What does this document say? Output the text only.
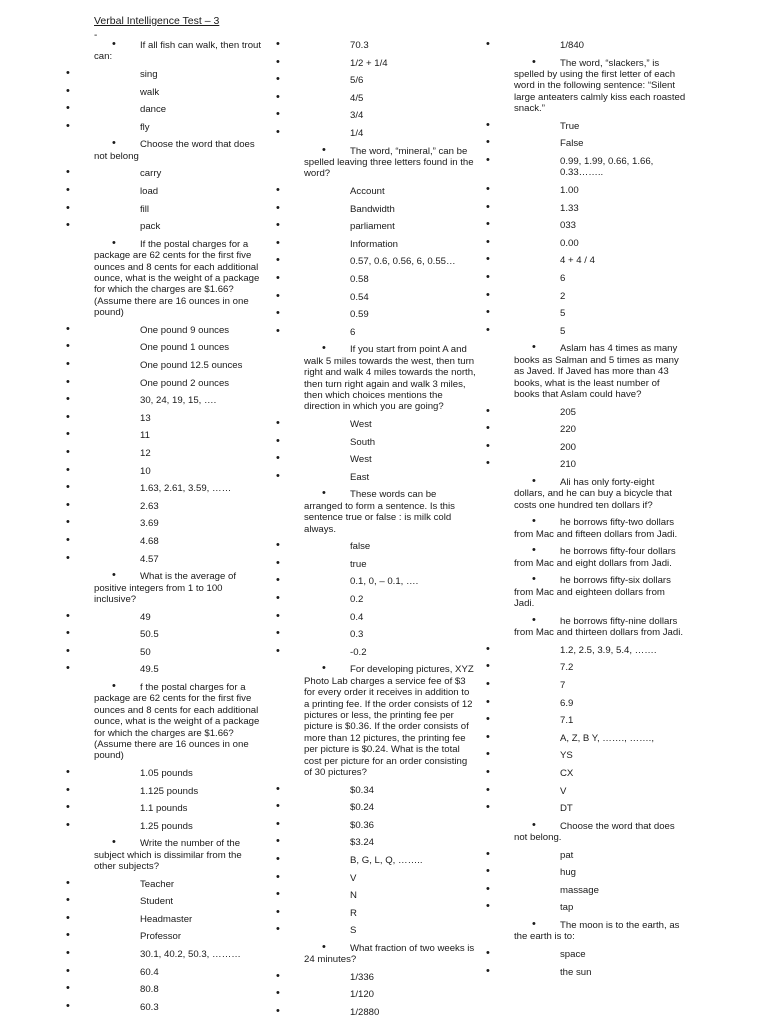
Verbal Intelligence Test – 3
-
• If all fish can walk, then trout can:
• sing
• walk
• dance
• fly
• Choose the word that does not belong
• carry
• load
• fill
• pack
• If the postal charges for a package are 62 cents for the first five ounces and 8 cents for each additional ounce, what is the weight of a package for which the charges are $1.66? (Assume there are 16 ounces in one pound)
• One pound 9 ounces
• One pound 1 ounces
• One pound 12.5 ounces
• One pound 2 ounces
• 30, 24, 19, 15, ….
• 13
• 11
• 12
• 10
• 1.63, 2.61, 3.59, ……
• 2.63
• 3.69
• 4.68
• 4.57
• What is the average of positive integers from 1 to 100 inclusive?
• 49
• 50.5
• 50
• 49.5
• f the postal charges for a package are 62 cents for the first five ounces and 8 cents for each additional ounce, what is the weight of a package for which the charges are $1.66? (Assume there are 16 ounces in one pound)
• 1.05 pounds
• 1.125 pounds
• 1.1 pounds
• 1.25 pounds
• Write the number of the subject which is dissimilar from the other subjects?
• Teacher
• Student
• Headmaster
• Professor
• 30.1, 40.2, 50.3, ………
• 60.4
• 80.8
• 60.3
• 70.3
• 1/2 + 1/4
• 5/6
• 4/5
• 3/4
• 1/4
• The word, “mineral,” can be spelled leaving three letters found in the word?
• Account
• Bandwidth
• parliament
• Information
• 0.57, 0.6, 0.56, 6, 0.55…
• 0.58
• 0.54
• 0.59
• 6
• If you start from point A and walk 5 miles towards the west, then turn right and walk 4 miles towards the north, then turn right again and walk 3 miles, then which choices mentions the direction in which you are going?
• West
• South
• West
• East
• These words can be arranged to form a sentence. Is this sentence true or false : is milk cold always.
• false
• true
• 0.1, 0, – 0.1, ….
• 0.2
• 0.4
• 0.3
• -0.2
• For developing pictures, XYZ Photo Lab charges a service fee of $3 for every order it receives in addition to a printing fee. If the order consists of 12 pictures or less, the printing fee per picture is $0.36. If the order consists of more than 12 pictures, the printing fee per picture is $0.24. What is the total cost per picture for an order consisting of 30 pictures?
• $0.34
• $0.24
• $0.36
• $3.24
• B, G, L, Q, ……..
• V
• N
• R
• S
• What fraction of two weeks is 24 minutes?
• 1/336
• 1/120
• 1/2880
• 1/840
• The word, “slackers,” is spelled by using the first letter of each word in the following sentence: “Silent large anteaters calmly kiss each roasted snack.”
• True
• False
• 0.99, 1.99, 0.66, 1.66, 0.33……..
• 1.00
• 1.33
• 033
• 0.00
• 4 + 4 / 4
• 6
• 2
• 5
• 5
• Aslam has 4 times as many books as Salman and 5 times as many as Javed. If Javed has more than 43 books, what is the least number of books that Aslam could have?
• 205
• 220
• 200
• 210
• Ali has only forty-eight dollars, and he can buy a bicycle that costs one hundred ten dollars if?
• he borrows fifty-two dollars from Mac and fifteen dollars from Jadi.
• he borrows fifty-four dollars from Mac and eight dollars from Jadi.
• he borrows fifty-six dollars from Mac and eighteen dollars from Jadi.
• he borrows fifty-nine dollars from Mac and thirteen dollars from Jadi.
• 1.2, 2.5, 3.9, 5.4, …….
• 7.2
• 7
• 6.9
• 7.1
• A, Z, B Y, ……., …….,
• YS
• CX
• V
• DT
• Choose the word that does not belong.
• pat
• hug
• massage
• tap
• The moon is to the earth, as the earth is to:
• space
• the sun
